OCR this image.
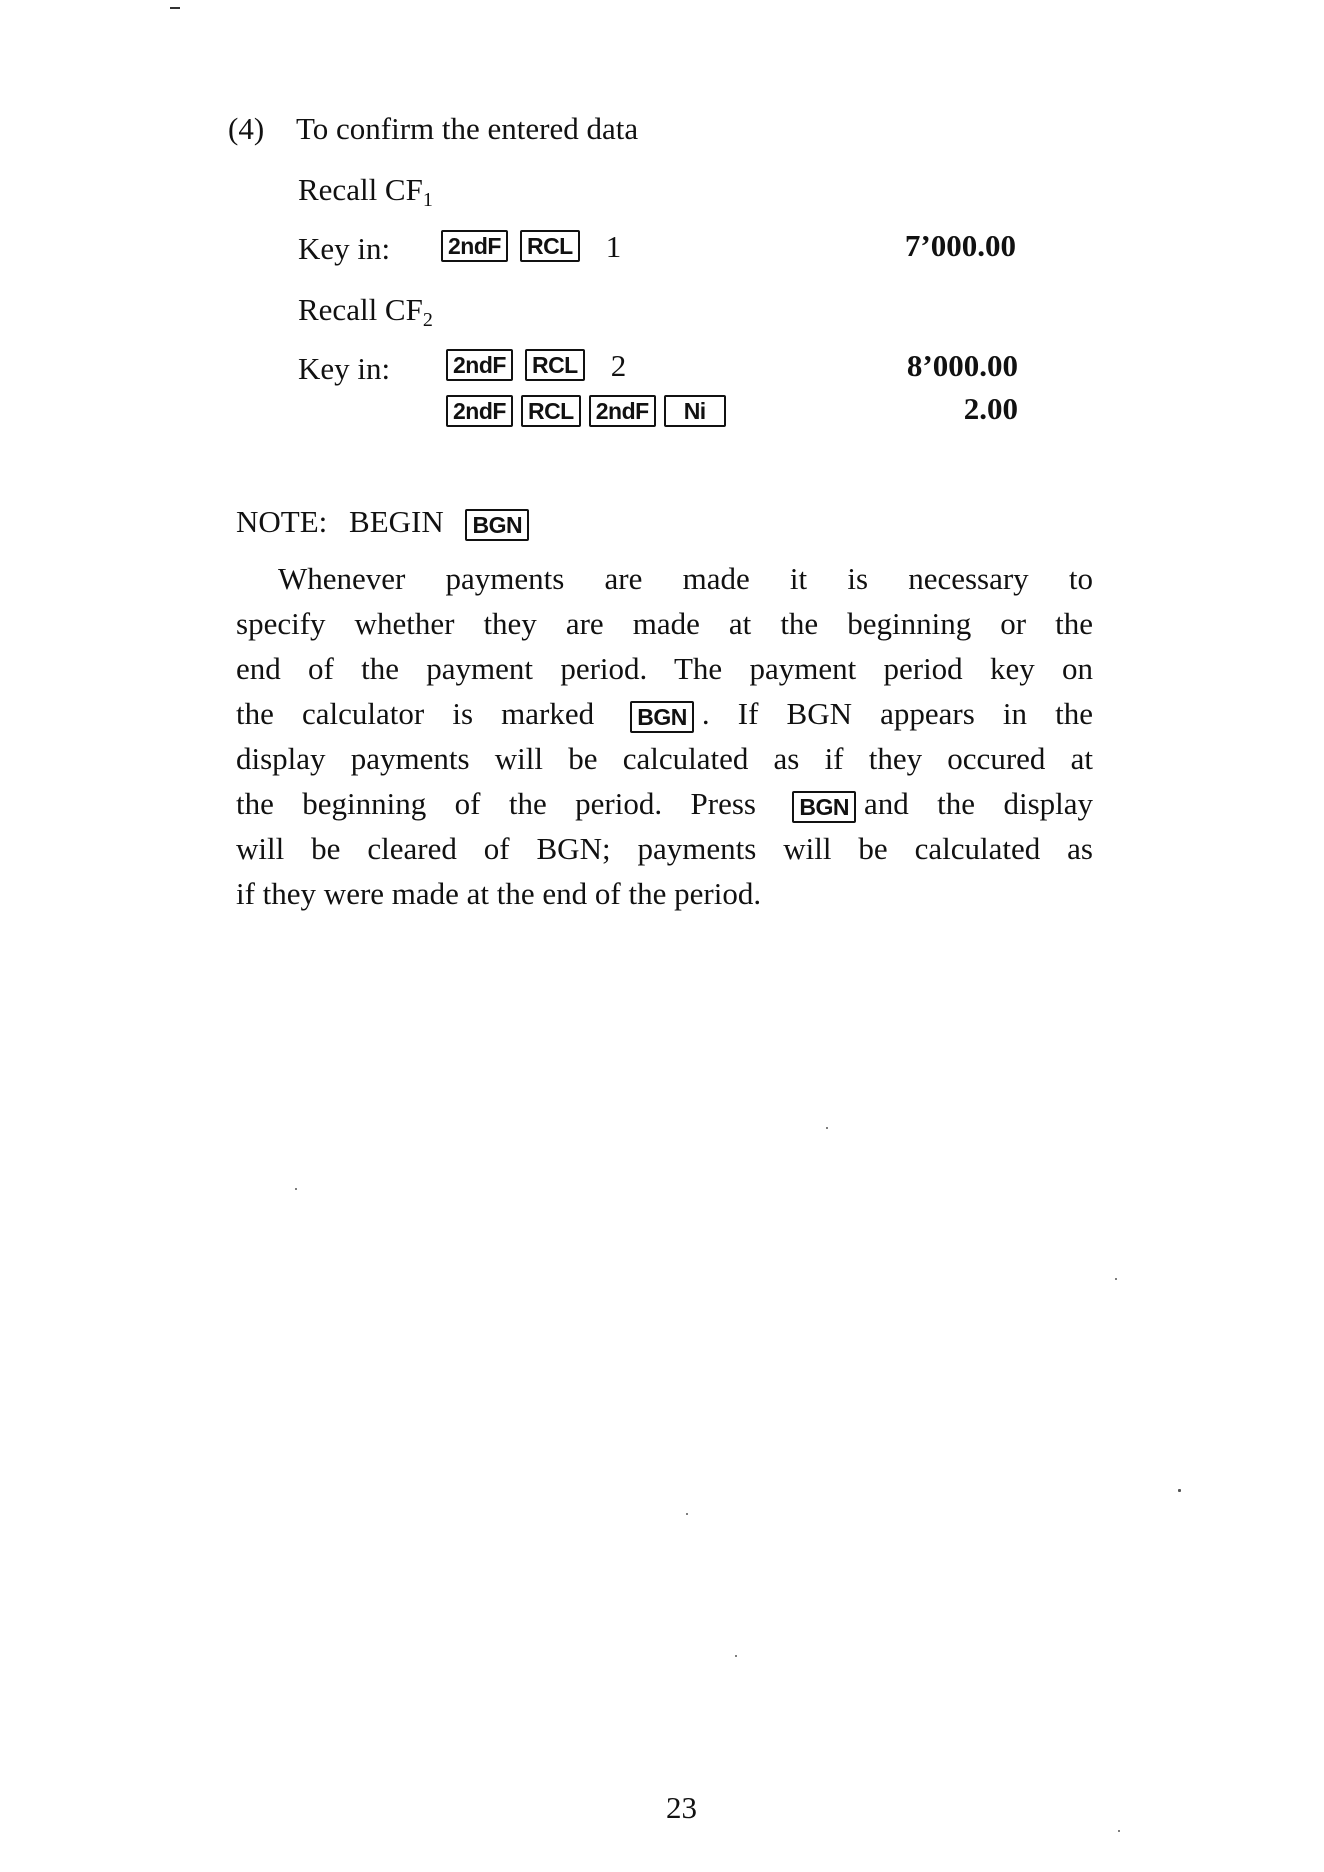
(4) To confirm the entered data
Recall $CF_1$
Key in:	2ndF RCL 1	7’000.00
Recall $CF_2$
Key in:	2ndF RCL 2	8’000.00
2ndF RCL 2ndF Ni	2.00
NOTE: BEGIN BGN
Whenever payments are made it is necessary to
specify whether they are made at the beginning or the
end of the payment period. The payment period key on
the calculator is marked BGN . If BGN appears in the
display payments will be calculated as if they occured at
the beginning of the period. Press BGN and the display
will be cleared of BGN; payments will be calculated as
if they were made at the end of the period.
23
